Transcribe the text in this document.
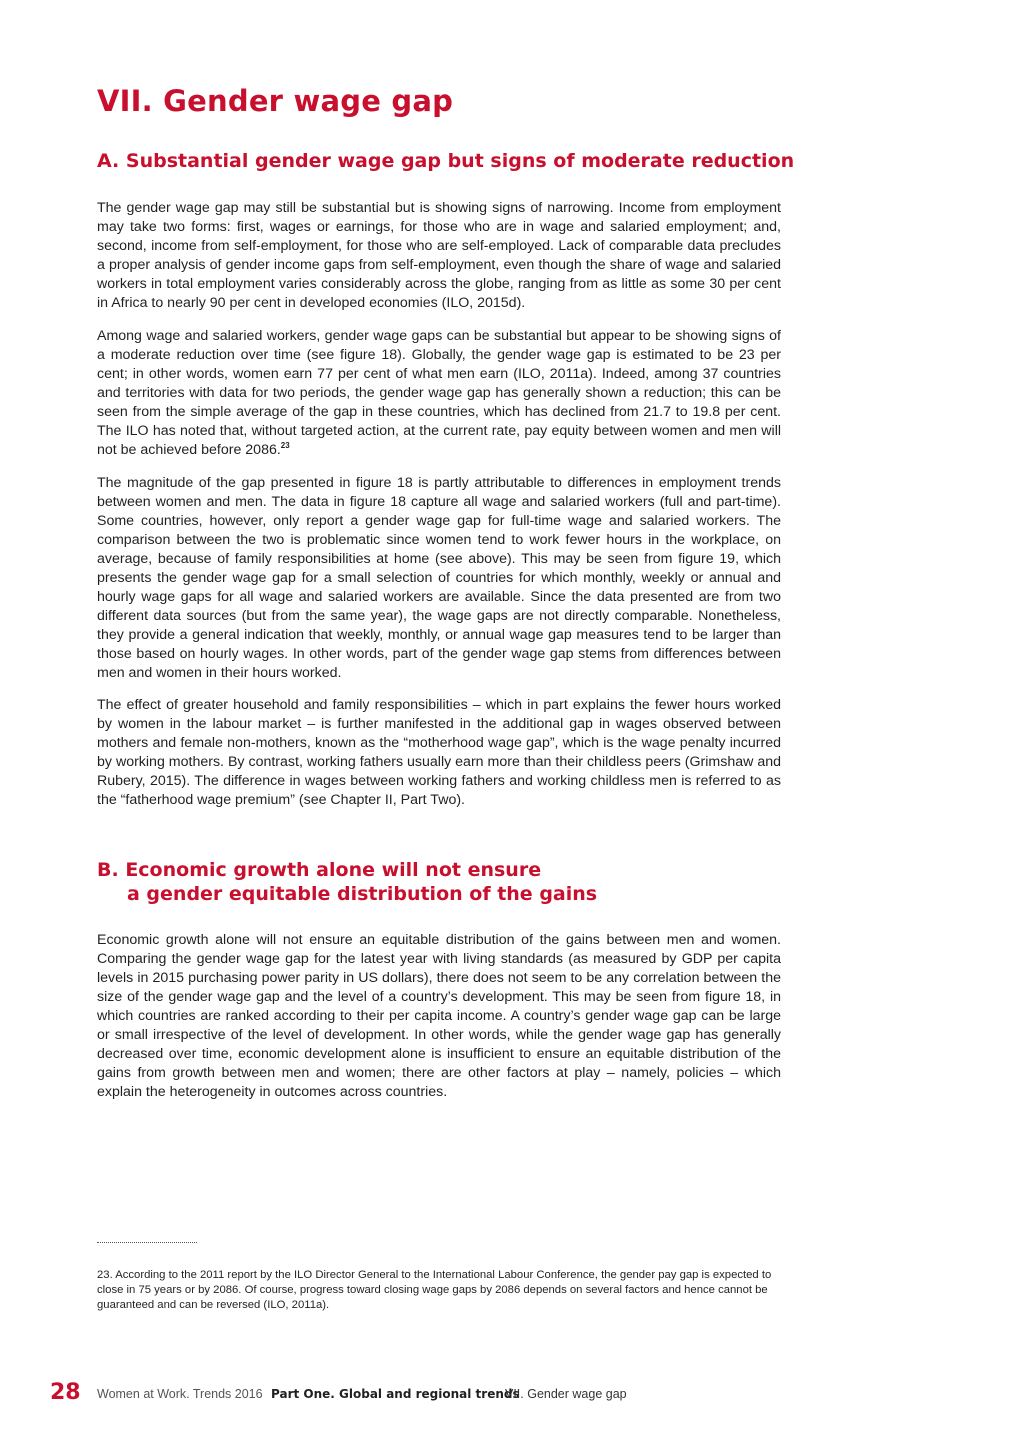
VII. Gender wage gap
A. Substantial gender wage gap but signs of moderate reduction

The gender wage gap may still be substantial but is showing signs of narrowing. Income from employment may take two forms: first, wages or earnings, for those who are in wage and salaried employment; and, second, income from self-employment, for those who are self-employed. Lack of comparable data precludes a proper analysis of gender income gaps from self-employment, even though the share of wage and salaried workers in total employment varies considerably across the globe, ranging from as little as some 30 per cent in Africa to nearly 90 per cent in developed economies (ILO, 2015d).

Among wage and salaried workers, gender wage gaps can be substantial but appear to be showing signs of a moderate reduction over time (see figure 18). Globally, the gender wage gap is estimated to be 23 per cent; in other words, women earn 77 per cent of what men earn (ILO, 2011a). Indeed, among 37 countries and territories with data for two periods, the gender wage gap has generally shown a reduction; this can be seen from the simple average of the gap in these countries, which has declined from 21.7 to 19.8 per cent. The ILO has noted that, without targeted action, at the current rate, pay equity between women and men will not be achieved before 2086.23

The magnitude of the gap presented in figure 18 is partly attributable to differences in employment trends between women and men. The data in figure 18 capture all wage and salaried workers (full and part-time). Some countries, however, only report a gender wage gap for full-time wage and salaried workers. The comparison between the two is problematic since women tend to work fewer hours in the workplace, on average, because of family responsibilities at home (see above). This may be seen from figure 19, which presents the gender wage gap for a small selection of countries for which monthly, weekly or annual and hourly wage gaps for all wage and salaried workers are available. Since the data presented are from two different data sources (but from the same year), the wage gaps are not directly comparable. Nonetheless, they provide a general indication that weekly, monthly, or annual wage gap measures tend to be larger than those based on hourly wages. In other words, part of the gender wage gap stems from differences between men and women in their hours worked.

The effect of greater household and family responsibilities – which in part explains the fewer hours worked by women in the labour market – is further manifested in the additional gap in wages observed between mothers and female non-mothers, known as the “motherhood wage gap”, which is the wage penalty incurred by working mothers. By contrast, working fathers usually earn more than their childless peers (Grimshaw and Rubery, 2015). The difference in wages between working fathers and working childless men is referred to as the “fatherhood wage premium” (see Chapter II, Part Two).

B. Economic growth alone will not ensure
a gender equitable distribution of the gains

Economic growth alone will not ensure an equitable distribution of the gains between men and women. Comparing the gender wage gap for the latest year with living standards (as measured by GDP per capita levels in 2015 purchasing power parity in US dollars), there does not seem to be any correlation between the size of the gender wage gap and the level of a country’s development. This may be seen from figure 18, in which countries are ranked according to their per capita income. A country’s gender wage gap can be large or small irrespective of the level of development. In other words, while the gender wage gap has generally decreased over time, economic development alone is insufficient to ensure an equitable distribution of the gains from growth between men and women; there are other factors at play – namely, policies – which explain the heterogeneity in outcomes across countries.

23. According to the 2011 report by the ILO Director General to the International Labour Conference, the gender pay gap is expected to close in 75 years or by 2086. Of course, progress toward closing wage gaps by 2086 depends on several factors and hence cannot be guaranteed and can be reversed (ILO, 2011a).

28 Women at Work. Trends 2016 Part One. Global and regional trends
VII. Gender wage gap
